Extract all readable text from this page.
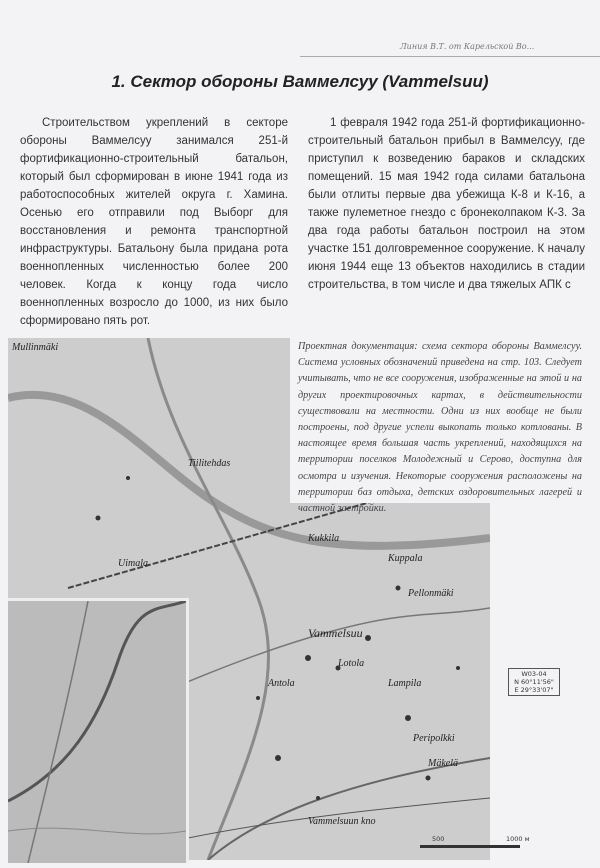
Линия В.Т. от Карельской Во...
1. Сектор обороны Ваммелсуу (Vammelsuu)

Строительством укреплений в секторе обороны Ваммелсуу занимался 251-й фортификационно-строительный батальон, который был сформирован в июне 1941 года из работоспособных жителей округа г. Хамина. Осенью его отправили под Выборг для восстановления и ремонта транспортной инфраструктуры. Батальону была придана рота военнопленных численностью более 200 человек. Когда к концу года число военнопленных возросло до 1000, из них было сформировано пять рот.

1 февраля 1942 года 251-й фортификационно-строительный батальон прибыл в Ваммелсуу, где приступил к возведению бараков и складских помещений. 15 мая 1942 года силами батальона были отлиты первые два убежища К-8 и К-16, а также пулеметное гнездо с бронеколпаком К-3. За два года работы батальон построил на этом участке 151 долговременное сооружение. К началу июня 1944 еще 13 объектов находились в стадии строительства, в том числе и два тяжелых АПК с

Vammelsuu
Vammelsuun kno
Lampila
Peripolkki
Mäkelä
Pellonmäki
Kukkila
Kuppala
Lotola
Antola
Mullinmäki
Uimala
Tiilitehdas
Проектная документация: схема сектора обороны Ваммелсуу. Система условных обозначений приведена на стр. 103. Следует учитывать, что не все сооружения, изображенные на этой и на других проектировочных картах, в действительности существовали на местности. Одни из них вообще не были построены, под другие успели выкопать только котлованы. В настоящее время большая часть укреплений, находящихся на территории поселков Молодежный и Серово, доступна для осмотра и изучения. Некоторые сооружения расположены на территории баз отдыха, детских оздоровительных лагерей и частной застройки.
W03-04
N 60°11'56"
E 29°33'07"
500	1000 м
